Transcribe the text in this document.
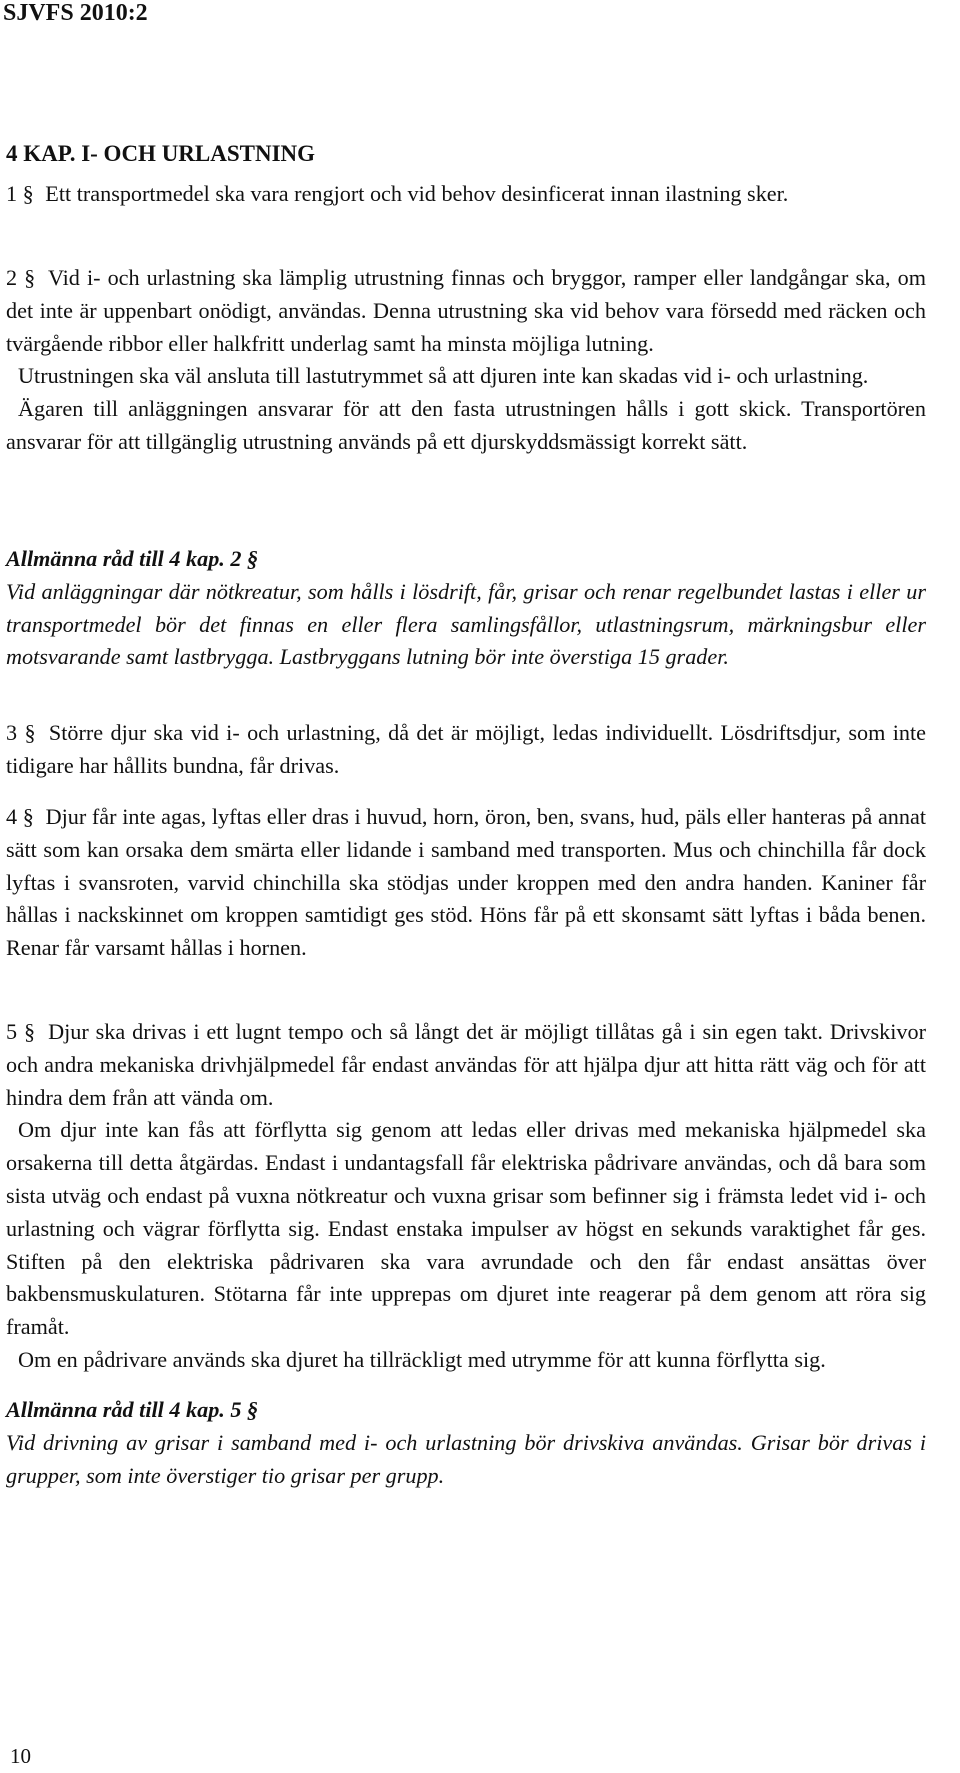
SJVFS 2010:2
4 KAP. I- OCH URLASTNING

1 § Ett transportmedel ska vara rengjort och vid behov desinficerat innan ilastning sker.

2 § Vid i- och urlastning ska lämplig utrustning finnas och bryggor, ramper eller landgångar ska, om det inte är uppenbart onödigt, användas. Denna utrustning ska vid behov vara försedd med räcken och tvärgående ribbor eller halkfritt underlag samt ha minsta möjliga lutning.

Utrustningen ska väl ansluta till lastutrymmet så att djuren inte kan skadas vid i- och urlastning.

Ägaren till anläggningen ansvarar för att den fasta utrustningen hålls i gott skick. Transportören ansvarar för att tillgänglig utrustning används på ett djurskyddsmässigt korrekt sätt.

Allmänna råd till 4 kap. 2 §

Vid anläggningar där nötkreatur, som hålls i lösdrift, får, grisar och renar regelbundet lastas i eller ur transportmedel bör det finnas en eller flera samlingsfållor, utlastningsrum, märkningsbur eller motsvarande samt lastbrygga. Lastbryggans lutning bör inte överstiga 15 grader.

3 § Större djur ska vid i- och urlastning, då det är möjligt, ledas individuellt. Lösdriftsdjur, som inte tidigare har hållits bundna, får drivas.

4 § Djur får inte agas, lyftas eller dras i huvud, horn, öron, ben, svans, hud, päls eller hanteras på annat sätt som kan orsaka dem smärta eller lidande i samband med transporten. Mus och chinchilla får dock lyftas i svansroten, varvid chinchilla ska stödjas under kroppen med den andra handen. Kaniner får hållas i nackskinnet om kroppen samtidigt ges stöd. Höns får på ett skonsamt sätt lyftas i båda benen. Renar får varsamt hållas i hornen.

5 § Djur ska drivas i ett lugnt tempo och så långt det är möjligt tillåtas gå i sin egen takt. Drivskivor och andra mekaniska drivhjälpmedel får endast användas för att hjälpa djur att hitta rätt väg och för att hindra dem från att vända om.

Om djur inte kan fås att förflytta sig genom att ledas eller drivas med mekaniska hjälpmedel ska orsakerna till detta åtgärdas. Endast i undantagsfall får elektriska pådrivare användas, och då bara som sista utväg och endast på vuxna nötkreatur och vuxna grisar som befinner sig i främsta ledet vid i- och urlastning och vägrar förflytta sig. Endast enstaka impulser av högst en sekunds varaktighet får ges. Stiften på den elektriska pådrivaren ska vara avrundade och den får endast ansättas över bakbensmuskulaturen. Stötarna får inte upprepas om djuret inte reagerar på dem genom att röra sig framåt.

Om en pådrivare används ska djuret ha tillräckligt med utrymme för att kunna förflytta sig.

Allmänna råd till 4 kap. 5 §

Vid drivning av grisar i samband med i- och urlastning bör drivskiva användas. Grisar bör drivas i grupper, som inte överstiger tio grisar per grupp.

10
